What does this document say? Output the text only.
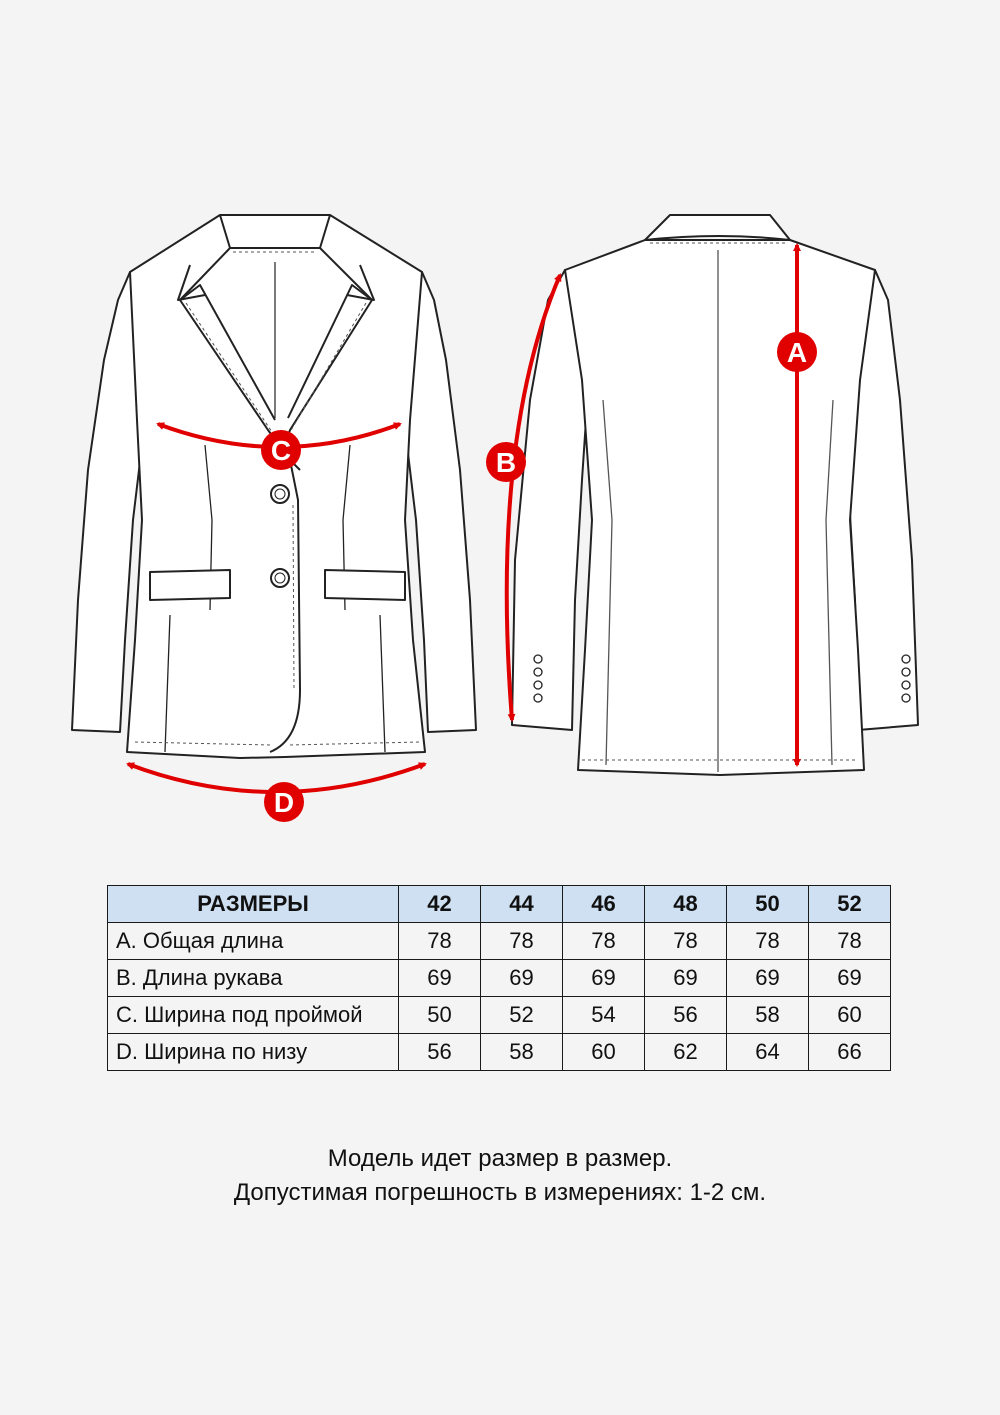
A
B
C
D
РАЗМЕРЫ	42	44	46	48	50	52
A. Общая длина	78	78	78	78	78	78
B. Длина рукава	69	69	69	69	69	69
C. Ширина под проймой	50	52	54	56	58	60
D. Ширина по низу	56	58	60	62	64	66
Модель идет размер в размер.
Допустимая погрешность в измерениях: 1-2 см.
